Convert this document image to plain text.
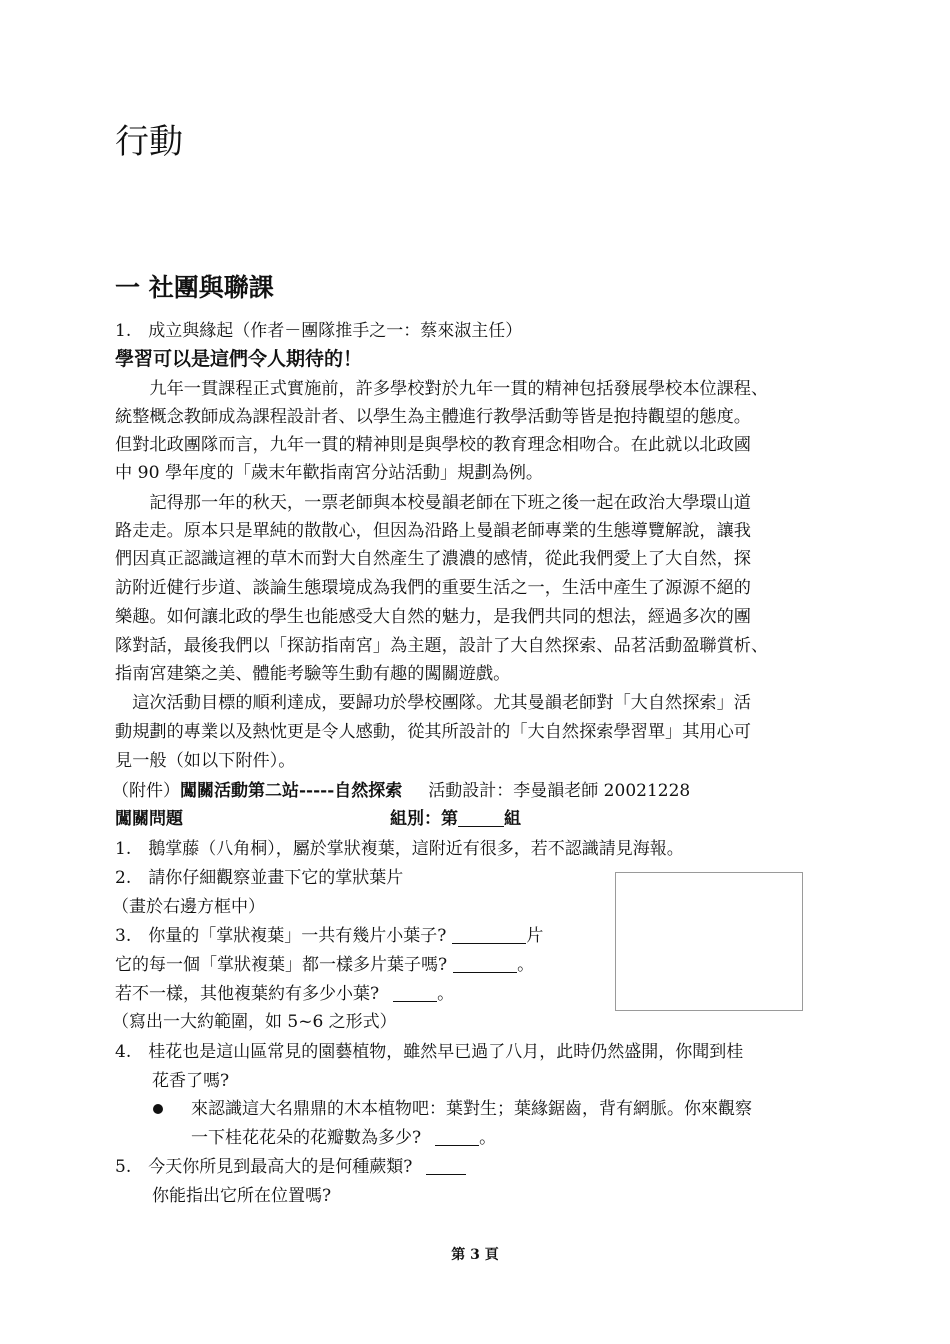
行動
一 社團與聯課
1.　成立與緣起（作者－團隊推手之一：蔡來淑主任）
學習可以是這們令人期待的！
　　九年一貫課程正式實施前，許多學校對於九年一貫的精神包括發展學校本位課程、
統整概念教師成為課程設計者、以學生為主體進行教學活動等皆是抱持觀望的態度。
但對北政團隊而言，九年一貫的精神則是與學校的教育理念相吻合。在此就以北政國
中 90 學年度的「歲末年歡指南宮分站活動」規劃為例。
　　記得那一年的秋天，一票老師與本校曼韻老師在下班之後一起在政治大學環山道
路走走。原本只是單純的散散心，但因為沿路上曼韻老師專業的生態導覽解說，讓我
們因真正認識這裡的草木而對大自然產生了濃濃的感情，從此我們愛上了大自然，探
訪附近健行步道、談論生態環境成為我們的重要生活之一，生活中產生了源源不絕的
樂趣。如何讓北政的學生也能感受大自然的魅力，是我們共同的想法，經過多次的團
隊對話，最後我們以「探訪指南宮」為主題，設計了大自然探索、品茗活動盈聯賞析、
指南宮建築之美、體能考驗等生動有趣的闖關遊戲。
　這次活動目標的順利達成，要歸功於學校團隊。尤其曼韻老師對「大自然探索」活
動規劃的專業以及熱忱更是令人感動，從其所設計的「大自然探索學習單」其用心可
見一般（如以下附件）。
（附件）闖關活動第二站-----自然探索 活動設計：李曼韻老師 20021228
闖關問題	組別：第	組
1.　鵝掌藤（八角桐），屬於掌狀複葉，這附近有很多，若不認識請見海報。
2.　請你仔細觀察並畫下它的掌狀葉片
（畫於右邊方框中）
3.　你量的「掌狀複葉」一共有幾片小葉子?	片
它的每一個「掌狀複葉」都一樣多片葉子嗎?	。
若不一樣，其他複葉約有多少小葉?	。
（寫出一大約範圍，如 5~6 之形式）
4.　桂花也是這山區常見的園藝植物，雖然早已過了八月，此時仍然盛開，你聞到桂
花香了嗎?
來認識這大名鼎鼎的木本植物吧：葉對生；葉緣鋸齒，背有網脈。你來觀察
一下桂花花朵的花瓣數為多少?	。
5.　今天你所見到最高大的是何種蕨類?
你能指出它所在位置嗎?
第 3 頁
